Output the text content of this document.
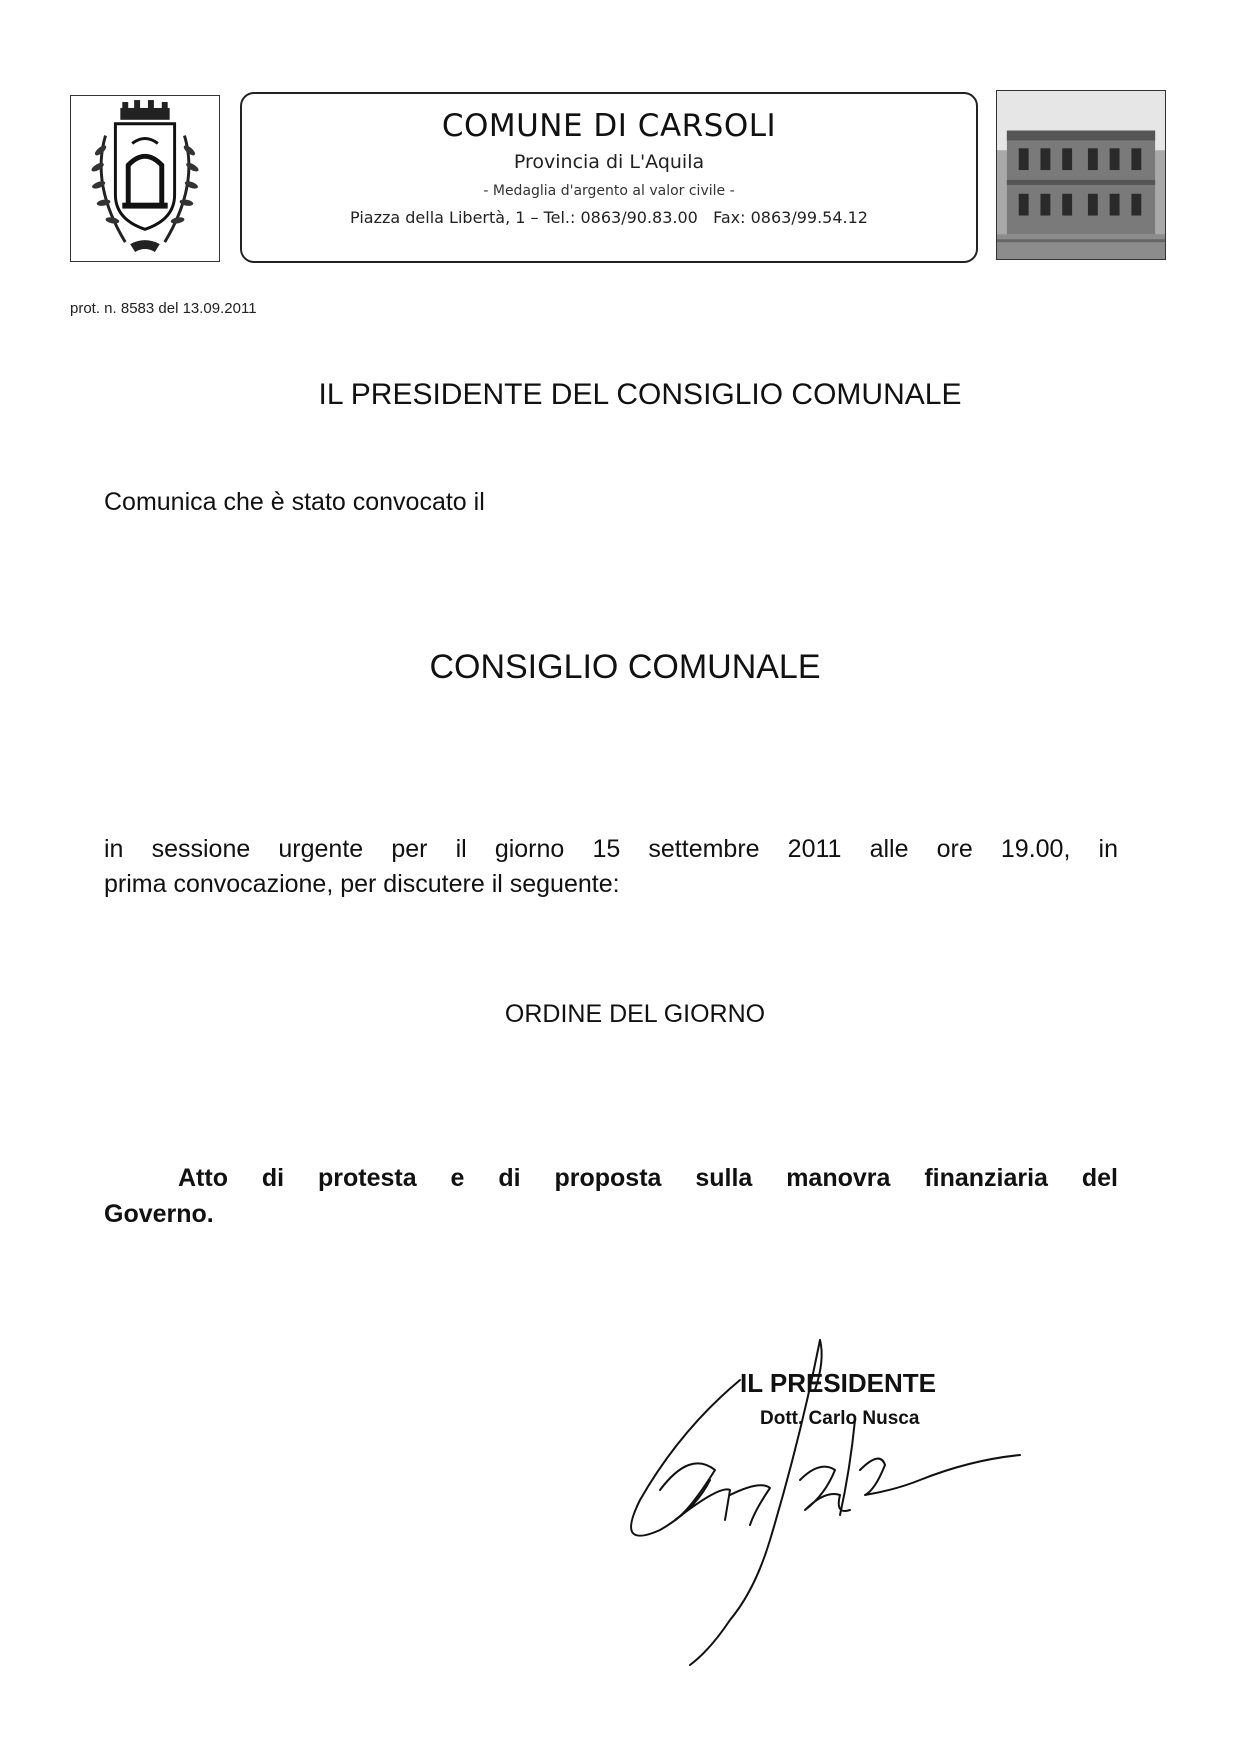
COMUNE DI CARSOLI
Provincia di L'Aquila
- Medaglia d'argento al valor civile -
Piazza della Libertà, 1 – Tel.: 0863/90.83.00   Fax: 0863/99.54.12
prot. n. 8583 del 13.09.2011
IL PRESIDENTE DEL CONSIGLIO COMUNALE
Comunica che è stato convocato il
CONSIGLIO COMUNALE
in sessione urgente per il giorno 15 settembre 2011 alle ore 19.00, in
prima convocazione, per discutere il seguente:
ORDINE DEL GIORNO
Atto di protesta e di proposta sulla manovra finanziaria del
Governo.
IL PRESIDENTE
Dott. Carlo Nusca
